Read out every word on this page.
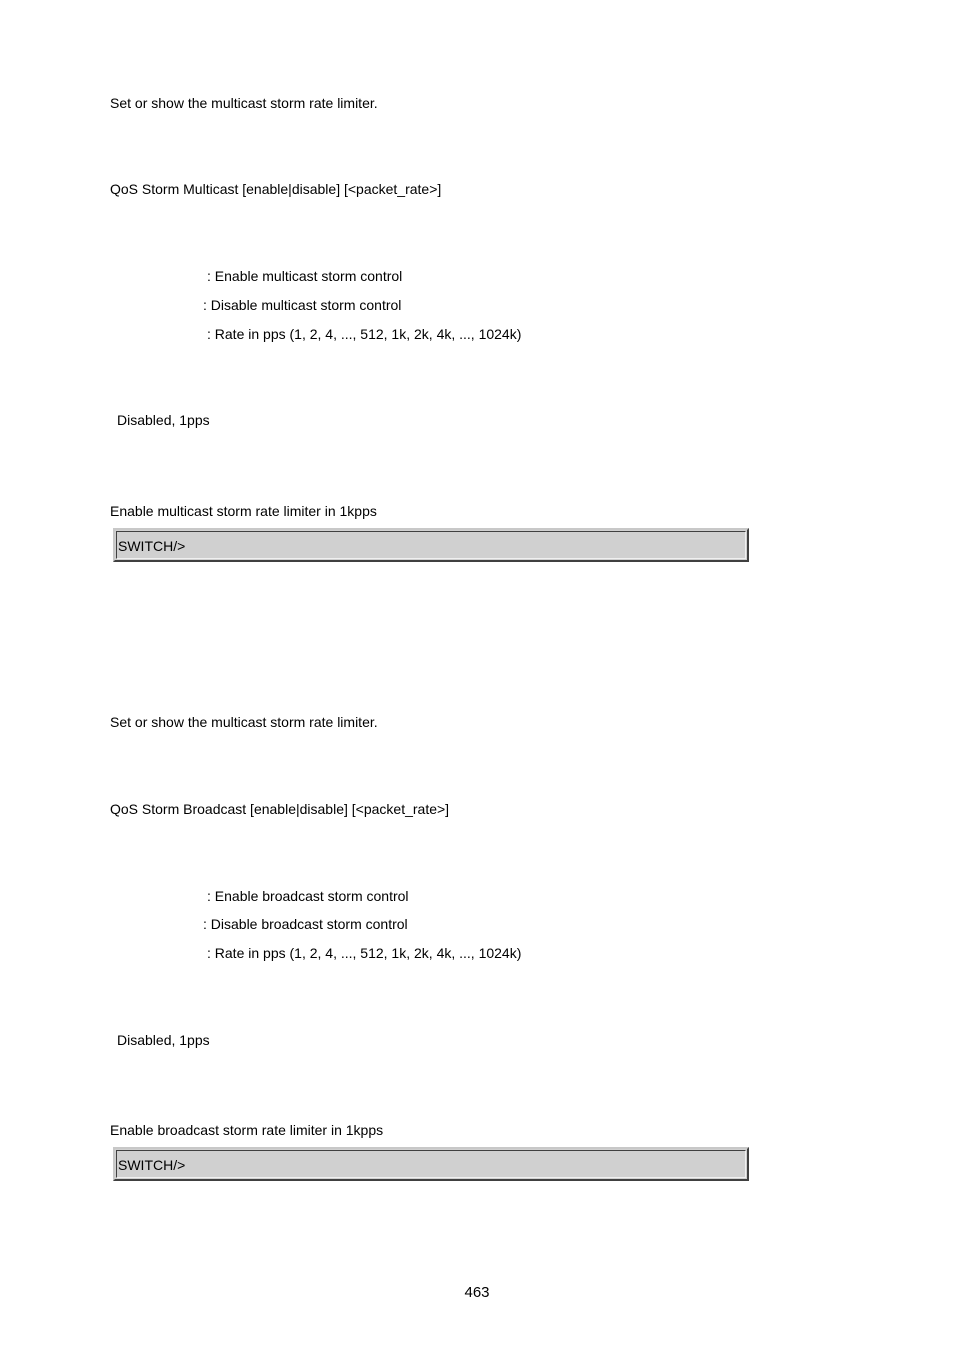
Set or show the multicast storm rate limiter.
QoS Storm Multicast [enable|disable] [<packet_rate>]
: Enable multicast storm control
: Disable multicast storm control
: Rate in pps (1, 2, 4, ..., 512, 1k, 2k, 4k, ..., 1024k)
Disabled, 1pps
Enable multicast storm rate limiter in 1kpps
SWITCH/>
Set or show the multicast storm rate limiter.
QoS Storm Broadcast [enable|disable] [<packet_rate>]
: Enable broadcast storm control
: Disable broadcast storm control
: Rate in pps (1, 2, 4, ..., 512, 1k, 2k, 4k, ..., 1024k)
Disabled, 1pps
Enable broadcast storm rate limiter in 1kpps
SWITCH/>
463
